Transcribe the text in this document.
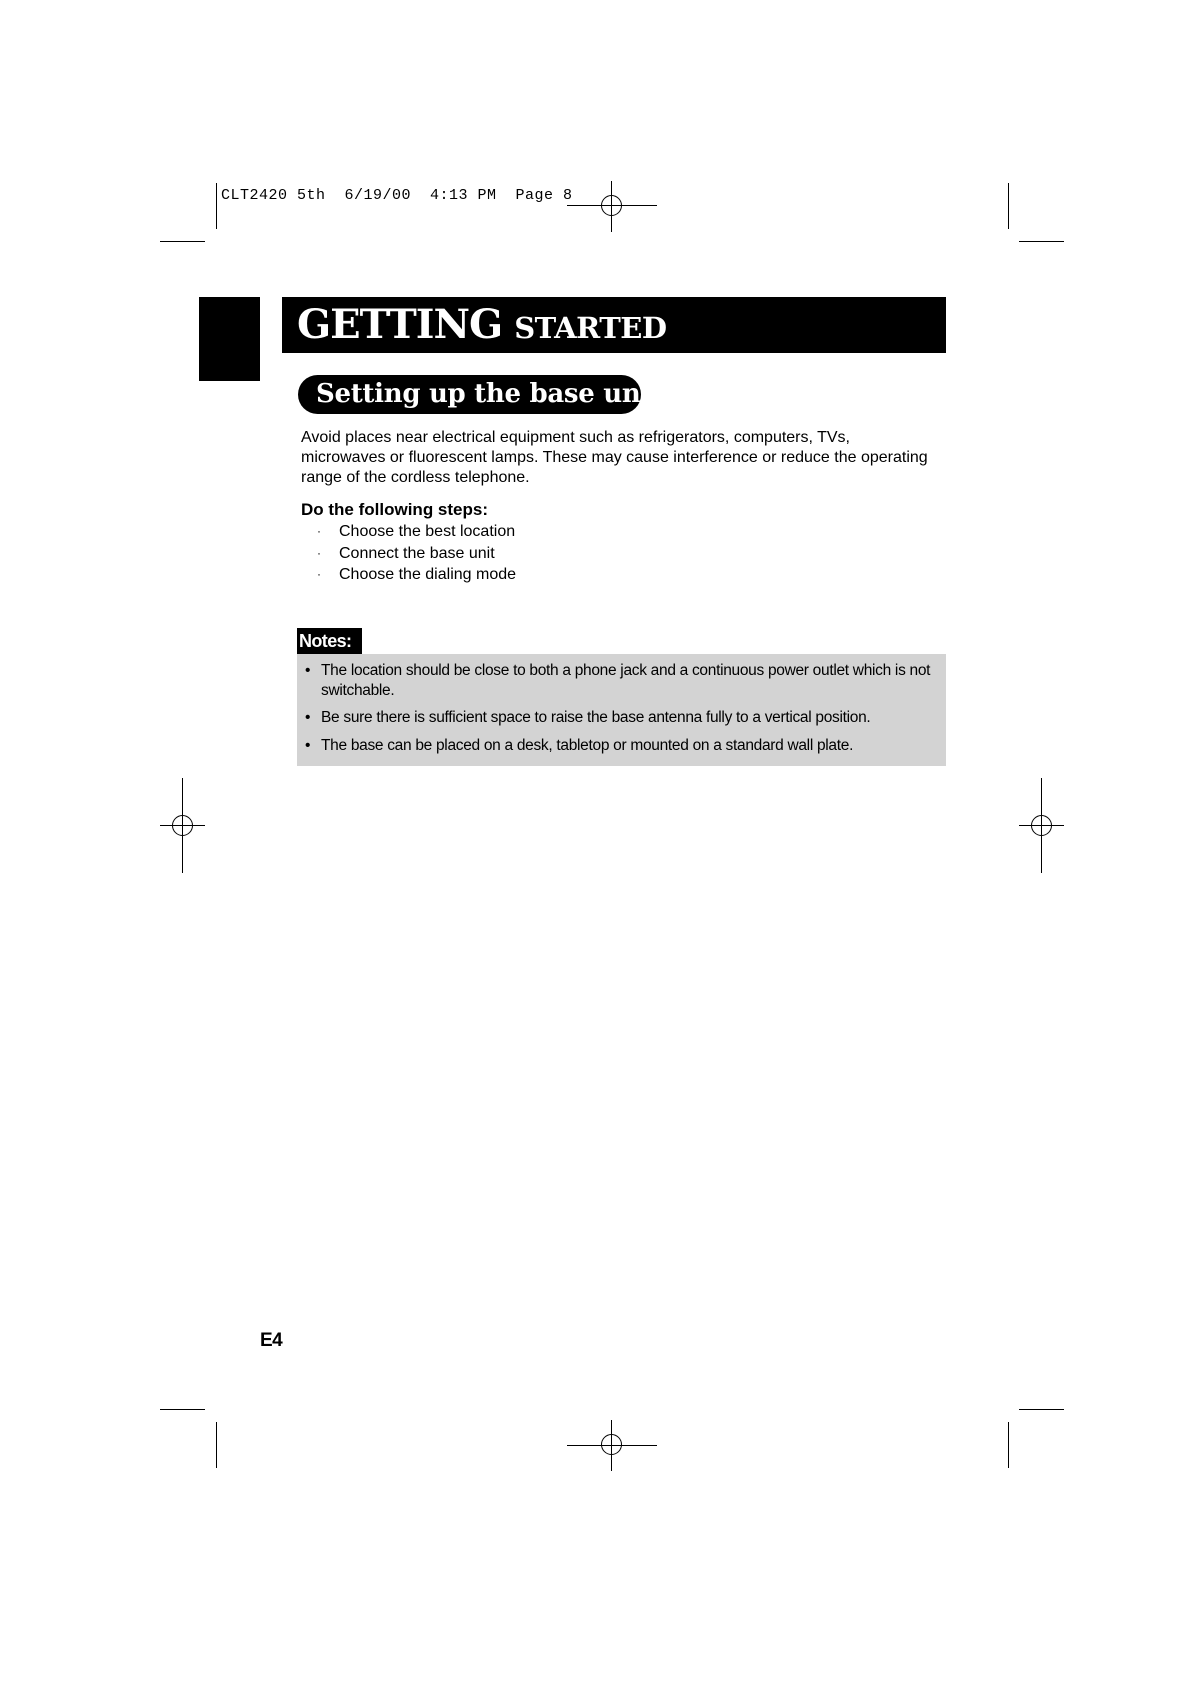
CLT2420 5th  6/19/00  4:13 PM  Page 8
GETTING STARTED
Setting up the base unit
Avoid places near electrical equipment such as refrigerators, computers, TVs,
microwaves or fluorescent lamps. These may cause interference or reduce the operating
range of the cordless telephone.
Do the following steps:
· Choose the best location
· Connect the base unit
· Choose the dialing mode
Notes:
• The location should be close to both a phone jack and a continuous power outlet which is not switchable.
• Be sure there is sufficient space to raise the base antenna fully to a vertical position.
• The base can be placed on a desk, tabletop or mounted on a standard wall plate.
E4
